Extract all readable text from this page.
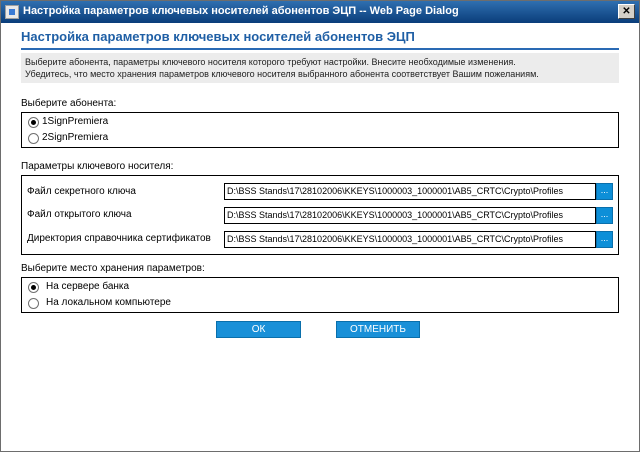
Настройка параметров ключевых носителей абонентов ЭЦП -- Web Page Dialog	✕
Настройка параметров ключевых носителей абонентов ЭЦП
Выберите абонента, параметры ключевого носителя которого требуют настройки. Внесите необходимые изменения.
Убедитесь, что место хранения параметров ключевого носителя выбранного абонента соответствует Вашим пожеланиям.
Выберите абонента:
1SignPremiera
2SignPremiera
Параметры ключевого носителя:
Файл секретного ключа	D:\BSS Stands\17\28102006\KKEYS\1000003_1000001\AB5_CRTC\Crypto\Profiles	...
Файл открытого ключа	D:\BSS Stands\17\28102006\KKEYS\1000003_1000001\AB5_CRTC\Crypto\Profiles	...
Директория справочника сертификатов	D:\BSS Stands\17\28102006\KKEYS\1000003_1000001\AB5_CRTC\Crypto\Profiles	...
Выберите место хранения параметров:
На сервере банка
На локальном компьютере
ОК	ОТМЕНИТЬ
